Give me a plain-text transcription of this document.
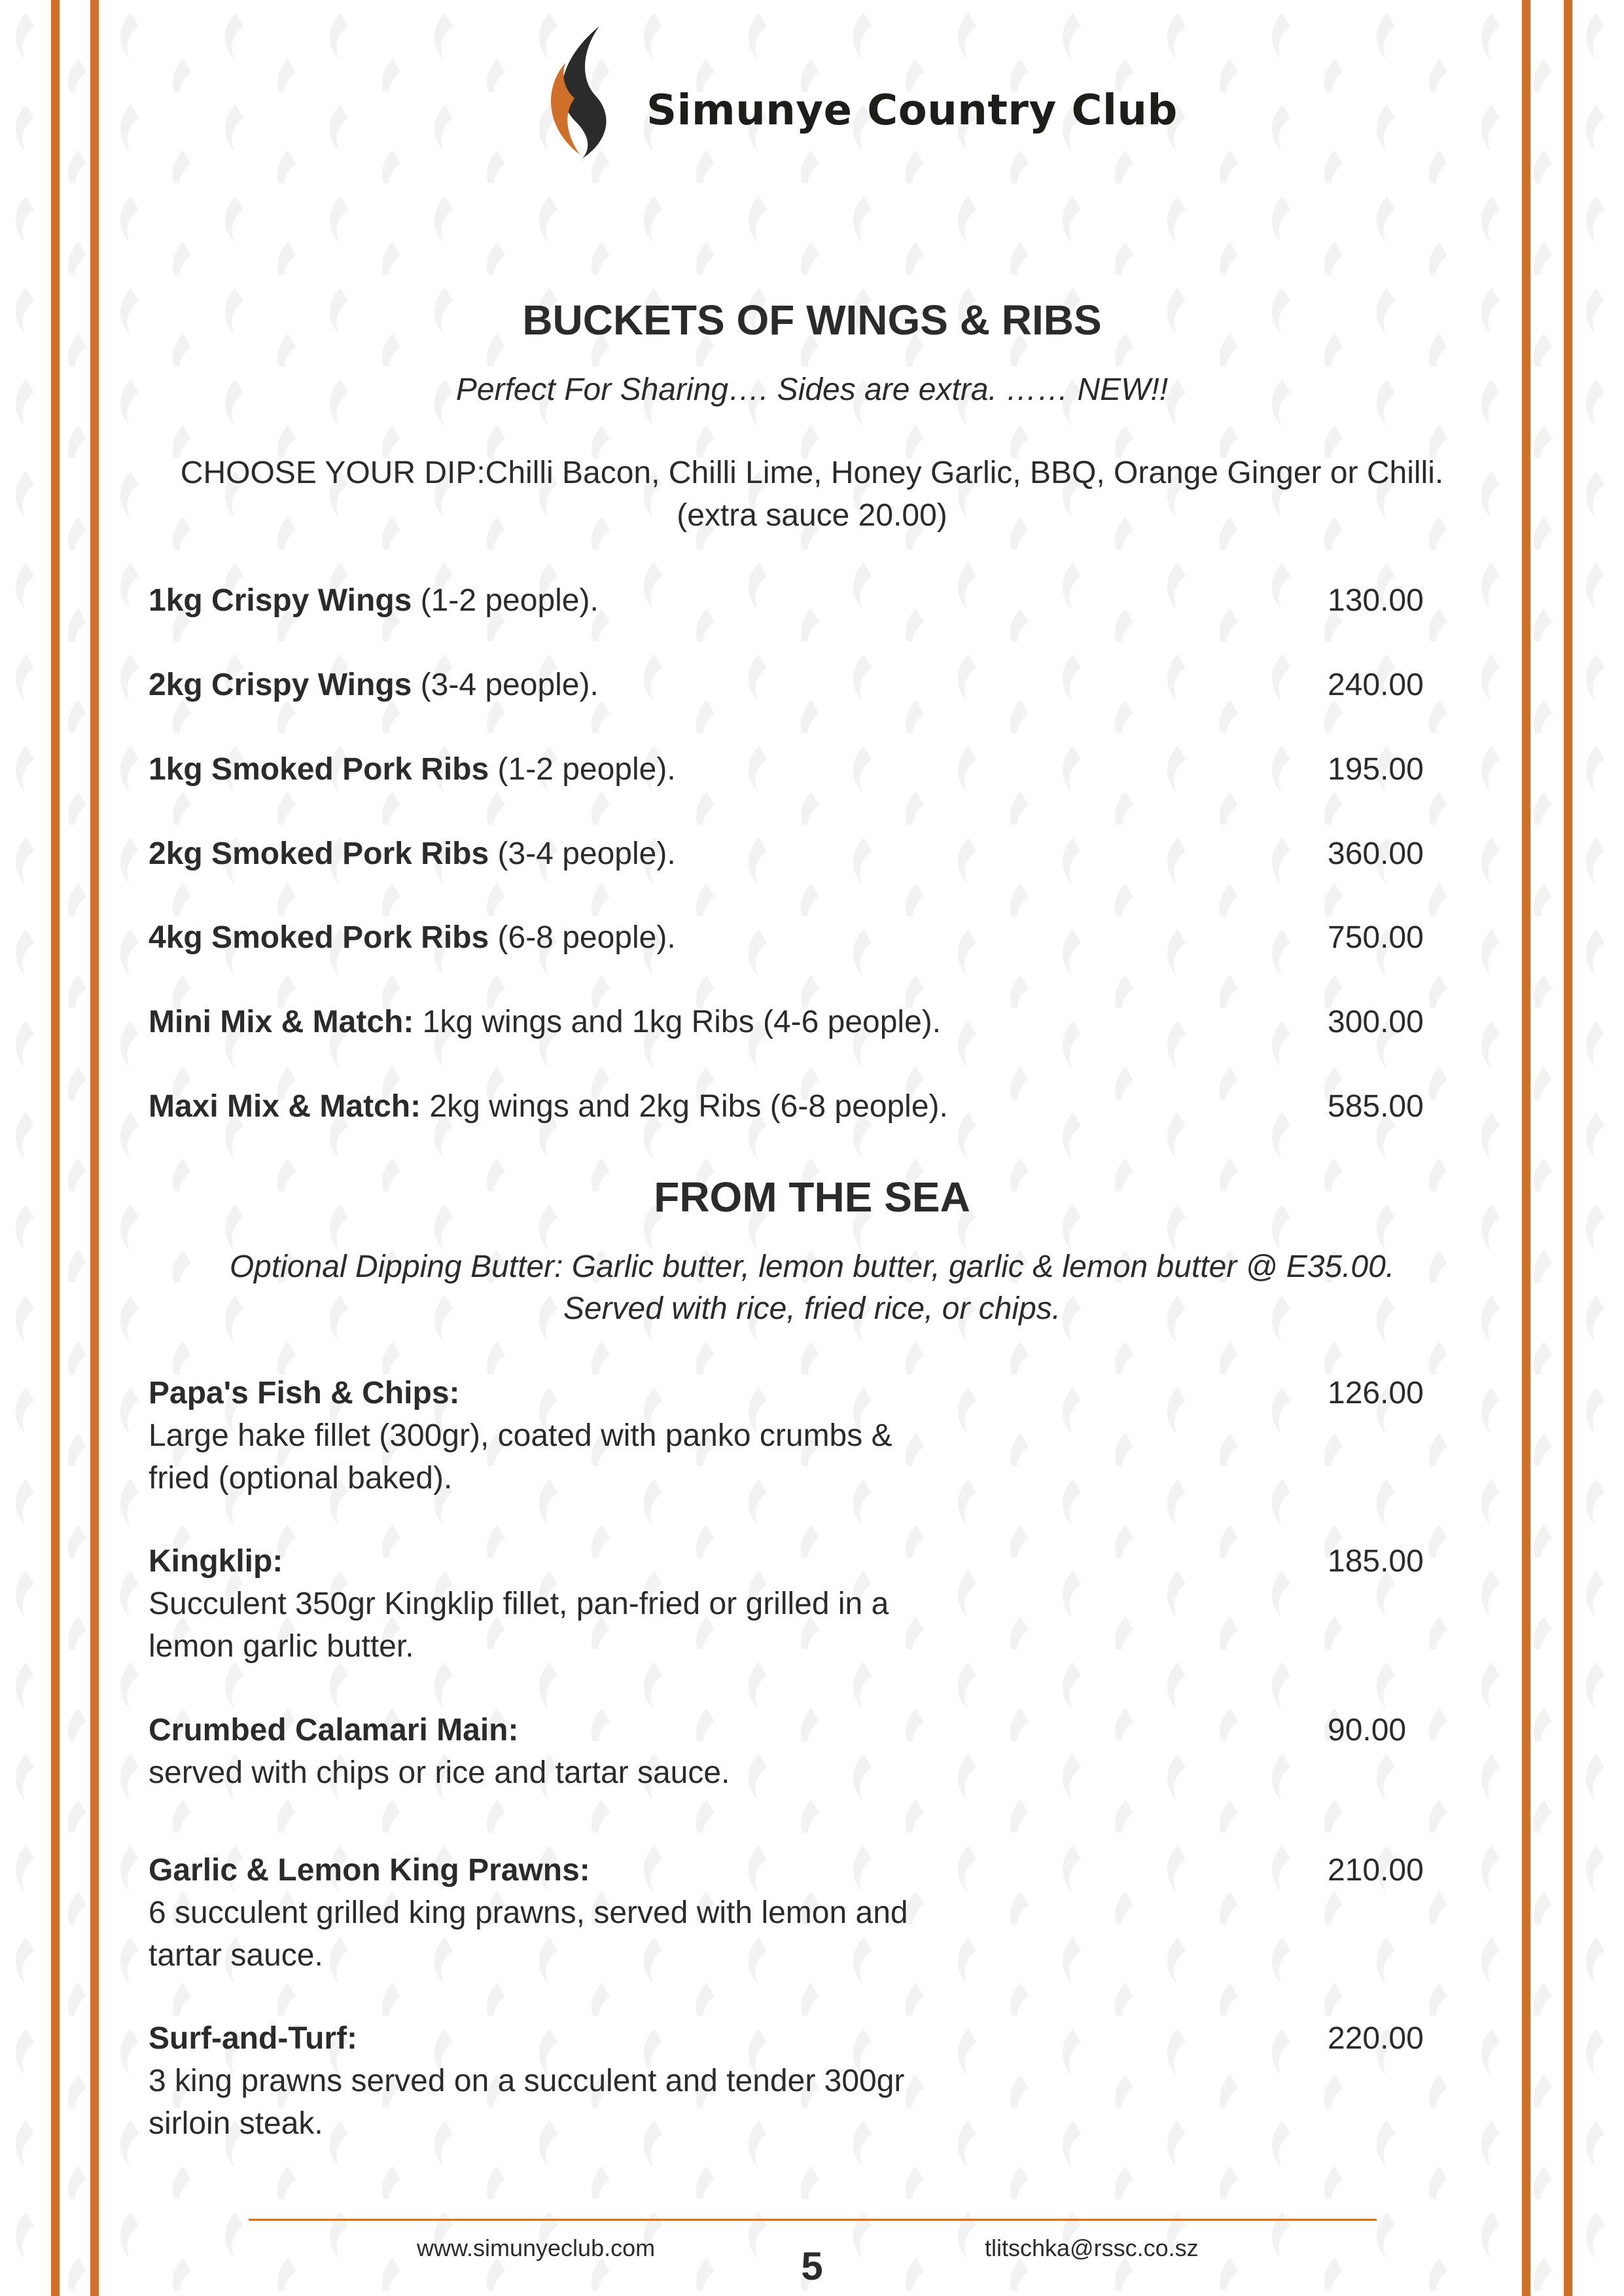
Simunye Country Club
BUCKETS OF WINGS & RIBS
Perfect For Sharing…. Sides are extra. …… NEW!!
CHOOSE YOUR DIP:Chilli Bacon, Chilli Lime, Honey Garlic, BBQ, Orange Ginger or Chilli.
(extra sauce 20.00)
1kg Crispy Wings (1-2 people).	130.00
2kg Crispy Wings (3-4 people).	240.00
1kg Smoked Pork Ribs (1-2 people).	195.00
2kg Smoked Pork Ribs (3-4 people).	360.00
4kg Smoked Pork Ribs (6-8 people).	750.00
Mini Mix & Match: 1kg wings and 1kg Ribs (4-6 people).	300.00
Maxi Mix & Match: 2kg wings and 2kg Ribs (6-8 people).	585.00
FROM THE SEA
Optional Dipping Butter: Garlic butter, lemon butter, garlic & lemon butter @ E35.00.
Served with rice, fried rice, or chips.
Papa's Fish & Chips:	126.00
Large hake fillet (300gr), coated with panko crumbs & fried (optional baked).
Kingklip:	185.00
Succulent 350gr Kingklip fillet, pan-fried or grilled in a lemon garlic butter.
Crumbed Calamari Main:	90.00
served with chips or rice and tartar sauce.
Garlic & Lemon King Prawns:	210.00
6 succulent grilled king prawns, served with lemon and tartar sauce.
Surf-and-Turf:	220.00
3 king prawns served on a succulent and tender 300gr sirloin steak.
www.simunyeclub.com	5	tlitschka@rssc.co.sz
